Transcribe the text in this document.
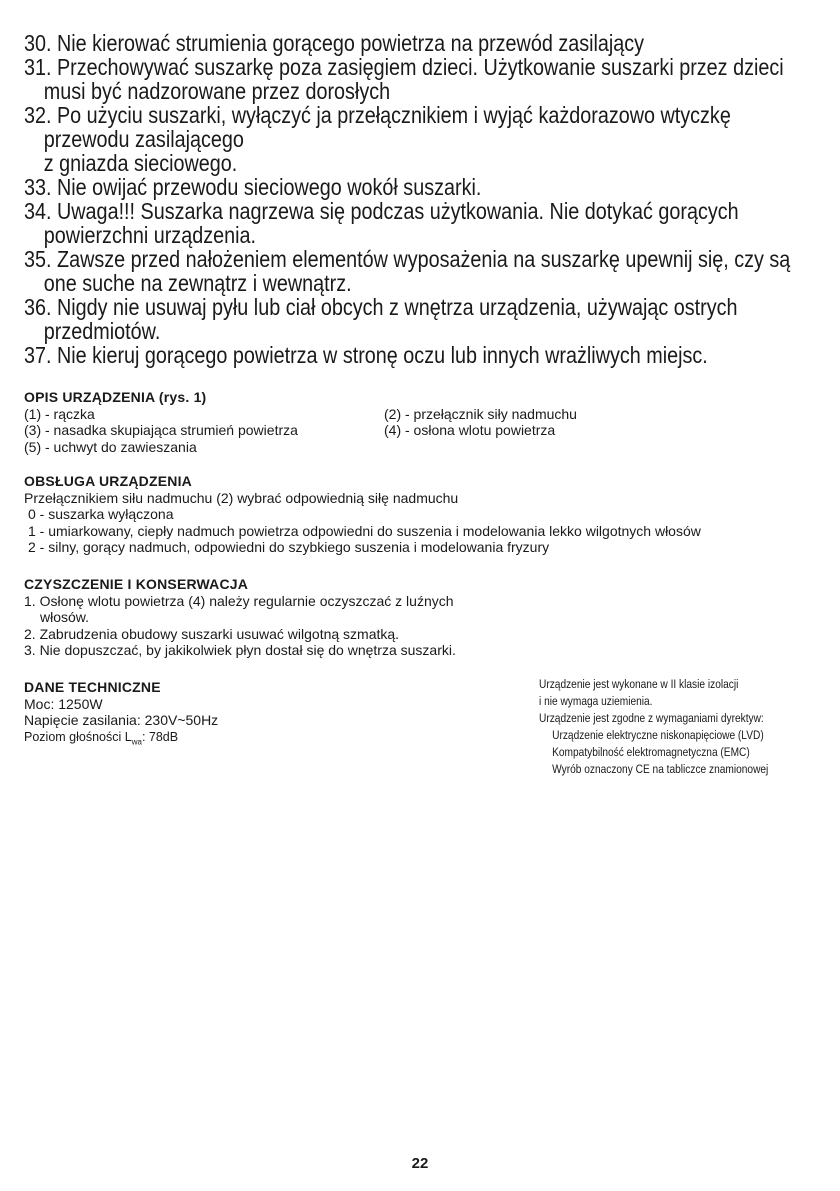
30. Nie kierować strumienia gorącego powietrza na przewód zasilający
31. Przechowywać suszarkę poza zasięgiem dzieci. Użytkowanie suszarki przez dzieci
musi być nadzorowane przez dorosłych
32. Po użyciu suszarki, wyłączyć ja przełącznikiem i wyjąć każdorazowo wtyczkę
przewodu zasilającego
z gniazda sieciowego.
33. Nie owijać przewodu sieciowego wokół suszarki.
34. Uwaga!!! Suszarka nagrzewa się podczas użytkowania. Nie dotykać gorących
powierzchni urządzenia.
35. Zawsze przed nałożeniem elementów wyposażenia na suszarkę upewnij się, czy są
one suche na zewnątrz i wewnątrz.
36. Nigdy nie usuwaj pyłu lub ciał obcych z wnętrza urządzenia, używając ostrych
przedmiotów.
37. Nie kieruj gorącego powietrza w stronę oczu lub innych wrażliwych miejsc.
OPIS URZĄDZENIA (rys. 1)
(1) - rączka	(2) - przełącznik siły nadmuchu
(3) - nasadka skupiająca strumień powietrza	(4) - osłona wlotu powietrza
(5) - uchwyt do zawieszania
OBSŁUGA URZĄDZENIA
Przełącznikiem siłu nadmuchu (2) wybrać odpowiednią siłę nadmuchu
0 - suszarka wyłączona
1 - umiarkowany, ciepły nadmuch powietrza odpowiedni do suszenia i modelowania lekko wilgotnych włosów
2 - silny, gorący nadmuch, odpowiedni do szybkiego suszenia i modelowania fryzury
CZYSZCZENIE I KONSERWACJA
1. Osłonę wlotu powietrza (4) należy regularnie oczyszczać z luźnych
włosów.
2. Zabrudzenia obudowy suszarki usuwać wilgotną szmatką.
3. Nie dopuszczać, by jakikolwiek płyn dostał się do wnętrza suszarki.
DANE TECHNICZNE
Moc: 1250W
Napięcie zasilania: 230V~50Hz
Poziom głośności $L_{wa}$: 78dB
Urządzenie jest wykonane w II klasie izolacji
i nie wymaga uziemienia.
Urządzenie jest zgodne z wymaganiami dyrektyw:
Urządzenie elektryczne niskonapięciowe (LVD)
Kompatybilność elektromagnetyczna (EMC)
Wyrób oznaczony CE na tabliczce znamionowej
22
